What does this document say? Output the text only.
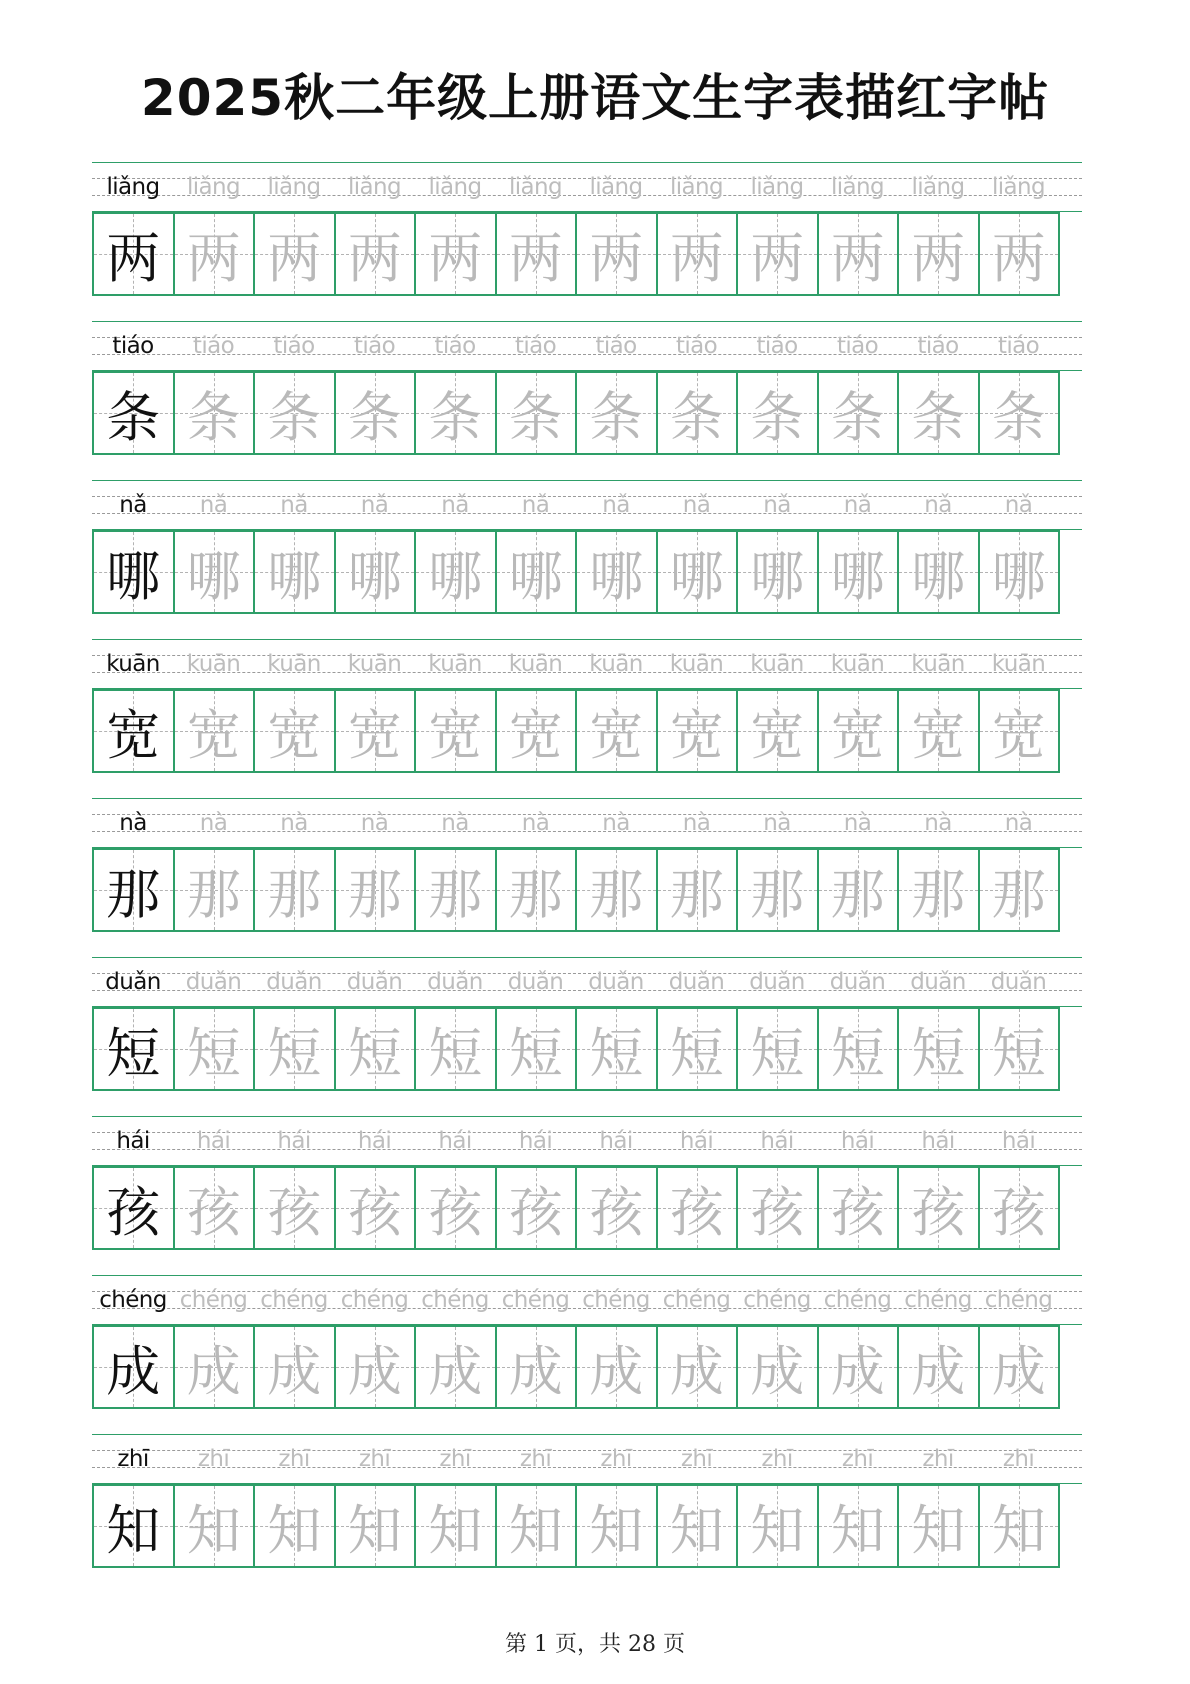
2025秋二年级上册语文生字表描红字帖
liǎng	liǎng	liǎng	liǎng	liǎng	liǎng	liǎng	liǎng	liǎng	liǎng	liǎng	liǎng
两 两 两 两 两 两 两 两 两 两 两 两
tiáo	tiáo	tiáo	tiáo	tiáo	tiáo	tiáo	tiáo	tiáo	tiáo	tiáo	tiáo
条 条 条 条 条 条 条 条 条 条 条 条
nǎ	nǎ	nǎ	nǎ	nǎ	nǎ	nǎ	nǎ	nǎ	nǎ	nǎ	nǎ
哪 哪 哪 哪 哪 哪 哪 哪 哪 哪 哪 哪
kuān	kuān	kuān	kuān	kuān	kuān	kuān	kuān	kuān	kuān	kuān	kuān
宽 宽 宽 宽 宽 宽 宽 宽 宽 宽 宽 宽
nà	nà	nà	nà	nà	nà	nà	nà	nà	nà	nà	nà
那 那 那 那 那 那 那 那 那 那 那 那
duǎn	duǎn	duǎn	duǎn	duǎn	duǎn	duǎn	duǎn	duǎn	duǎn	duǎn	duǎn
短 短 短 短 短 短 短 短 短 短 短 短
hái	hái	hái	hái	hái	hái	hái	hái	hái	hái	hái	hái
孩 孩 孩 孩 孩 孩 孩 孩 孩 孩 孩 孩
chéng chéng chéng chéng chéng chéng chéng chéng chéng chéng chéng chéng
成 成 成 成 成 成 成 成 成 成 成 成
zhī	zhī	zhī	zhī	zhī	zhī	zhī	zhī	zhī	zhī	zhī	zhī
知 知 知 知 知 知 知 知 知 知 知 知
第 1 页，共 28 页
